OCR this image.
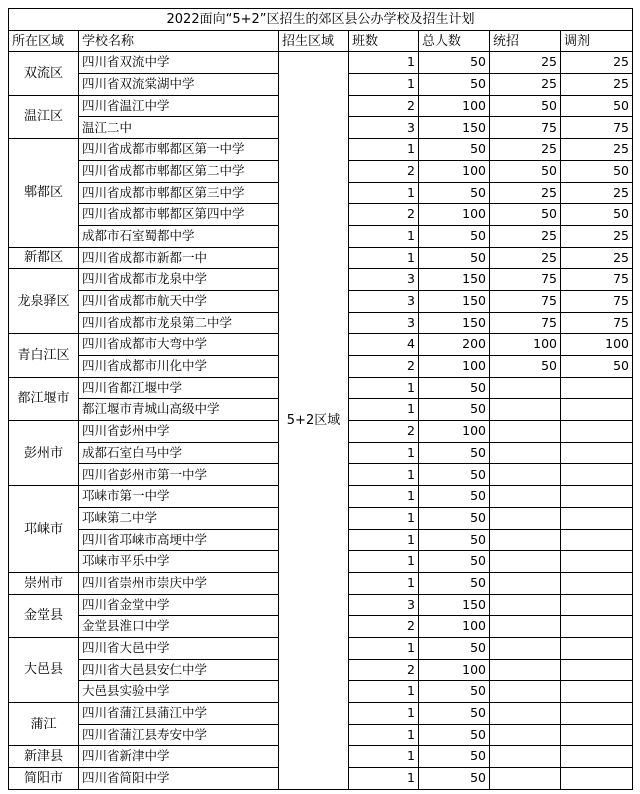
2022面向“5+2”区招生的郊区县公办学校及招生计划						
所在区域	学校名称	招生区域	班数	总人数	统招	调剂
双流区	四川省双流中学	5+2区域	1	50	25	25
	四川省双流棠湖中学		1	50	25	25
温江区	四川省温江中学		2	100	50	50
	温江二中		3	150	75	75
郫都区	四川省成都市郫都区第一中学		1	50	25	25
	四川省成都市郫都区第二中学		2	100	50	50
	四川省成都市郫都区第三中学		1	50	25	25
	四川省成都市郫都区第四中学		2	100	50	50
	成都市石室蜀都中学		1	50	25	25
新都区	四川省成都市新都一中		1	50	25	25
龙泉驿区	四川省成都市龙泉中学		3	150	75	75
	四川省成都市航天中学		3	150	75	75
	四川省成都市龙泉第二中学		3	150	75	75
青白江区	四川省成都市大弯中学		4	200	100	100
	四川省成都市川化中学		2	100	50	50
都江堰市	四川省都江堰中学		1	50		
	都江堰市青城山高级中学		1	50		
彭州市	四川省彭州中学		2	100		
	成都石室白马中学		1	50		
	四川省彭州市第一中学		1	50		
邛崃市	邛崃市第一中学		1	50		
	邛崃第二中学		1	50		
	四川省邛崃市高埂中学		1	50		
	邛崃市平乐中学		1	50		
崇州市	四川省崇州市崇庆中学		1	50		
金堂县	四川省金堂中学		3	150		
	金堂县淮口中学		2	100		
大邑县	四川省大邑中学		1	50		
	四川省大邑县安仁中学		2	100		
	大邑县实验中学		1	50		
蒲江	四川省蒲江县蒲江中学		1	50		
	四川省蒲江县寿安中学		1	50		
新津县	四川省新津中学		1	50		
简阳市	四川省简阳中学		1	50		
